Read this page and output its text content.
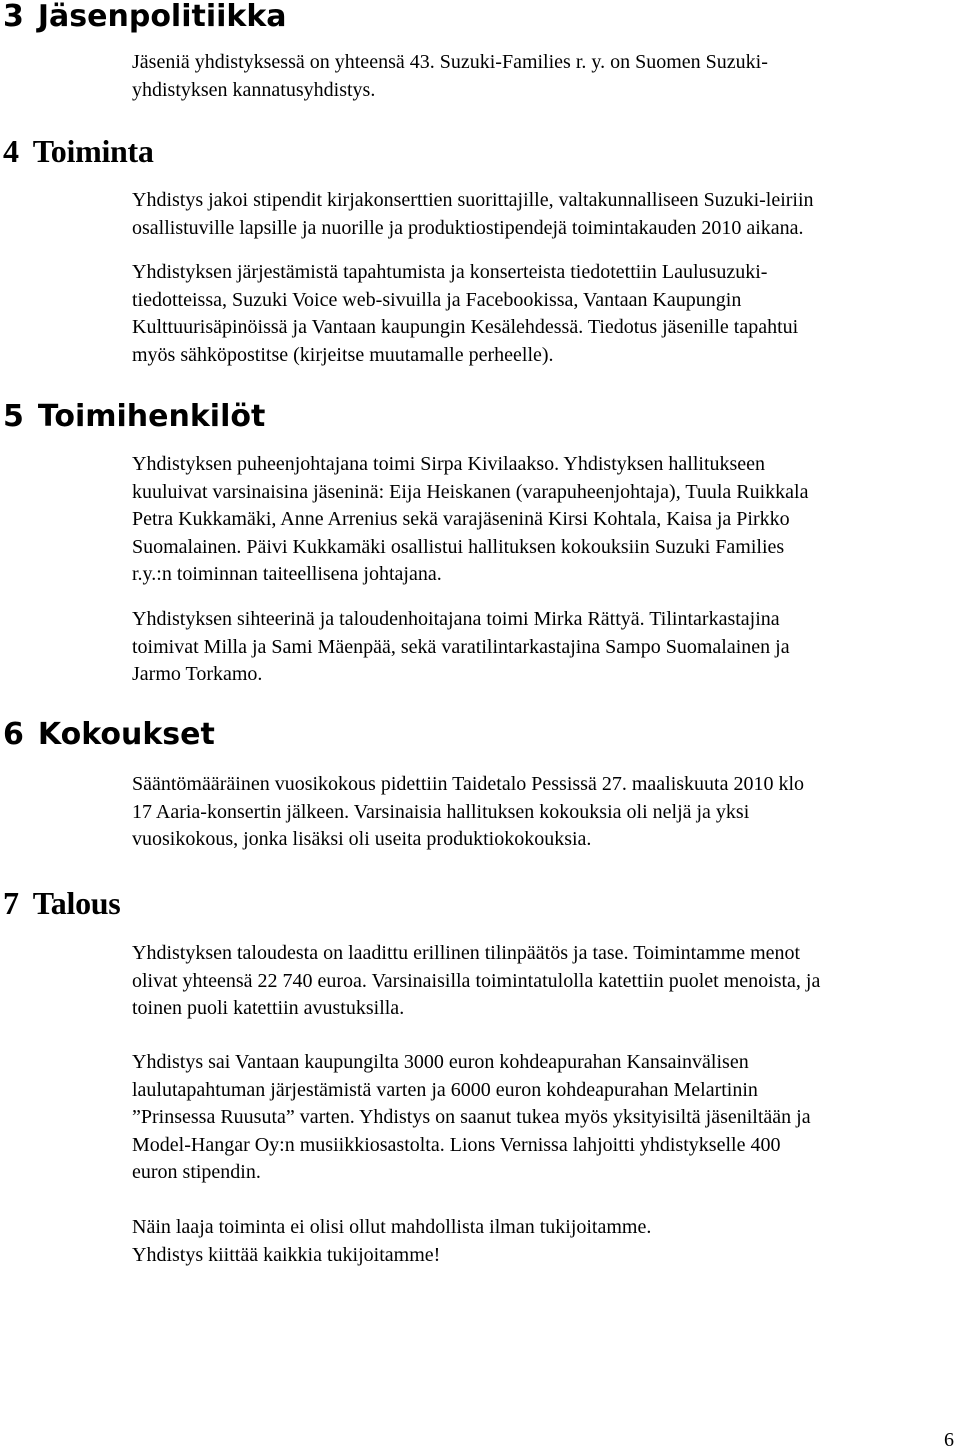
3 Jäsenpolitiikka
4 Toiminta
5 Toimihenkilöt
6 Kokoukset
7 Talous

Jäseniä yhdistyksessä on yhteensä 43. Suzuki-Families r. y. on Suomen Suzuki-
yhdistyksen kannatusyhdistys.

Yhdistys jakoi stipendit kirjakonserttien suorittajille, valtakunnalliseen Suzuki-leiriin
osallistuville lapsille ja nuorille ja produktiostipendejä toimintakauden 2010 aikana.

Yhdistyksen järjestämistä tapahtumista ja konserteista tiedotettiin Laulusuzuki-
tiedotteissa, Suzuki Voice web-sivuilla ja Facebookissa, Vantaan Kaupungin
Kulttuurisäpinöissä ja Vantaan kaupungin Kesälehdessä. Tiedotus jäsenille tapahtui
myös sähköpostitse (kirjeitse muutamalle perheelle).

Yhdistyksen puheenjohtajana toimi Sirpa Kivilaakso. Yhdistyksen hallitukseen
kuuluivat varsinaisina jäseninä: Eija Heiskanen (varapuheenjohtaja), Tuula Ruikkala
Petra Kukkamäki, Anne Arrenius sekä varajäseninä Kirsi Kohtala, Kaisa ja Pirkko
Suomalainen. Päivi Kukkamäki osallistui hallituksen kokouksiin Suzuki Families
r.y.:n toiminnan taiteellisena johtajana.

Yhdistyksen sihteerinä ja taloudenhoitajana toimi Mirka Rättyä. Tilintarkastajina
toimivat Milla ja Sami Mäenpää, sekä varatilintarkastajina Sampo Suomalainen ja
Jarmo Torkamo.

Sääntömääräinen vuosikokous pidettiin Taidetalo Pessissä 27. maaliskuuta 2010 klo
17 Aaria-konsertin jälkeen. Varsinaisia hallituksen kokouksia oli neljä ja yksi
vuosikokous, jonka lisäksi oli useita produktiokokouksia.

Yhdistyksen taloudesta on laadittu erillinen tilinpäätös ja tase. Toimintamme menot
olivat yhteensä 22 740 euroa. Varsinaisilla toimintatulolla katettiin puolet menoista, ja
toinen puoli katettiin avustuksilla.

Yhdistys sai Vantaan kaupungilta 3000 euron kohdeapurahan Kansainvälisen
laulutapahtuman järjestämistä varten ja 6000 euron kohdeapurahan Melartinin
”Prinsessa Ruusuta” varten. Yhdistys on saanut tukea myös yksityisiltä jäseniltään ja
Model-Hangar Oy:n musiikkiosastolta. Lions Vernissa lahjoitti yhdistykselle 400
euron stipendin.

Näin laaja toiminta ei olisi ollut mahdollista ilman tukijoitamme.
Yhdistys kiittää kaikkia tukijoitamme!

6
